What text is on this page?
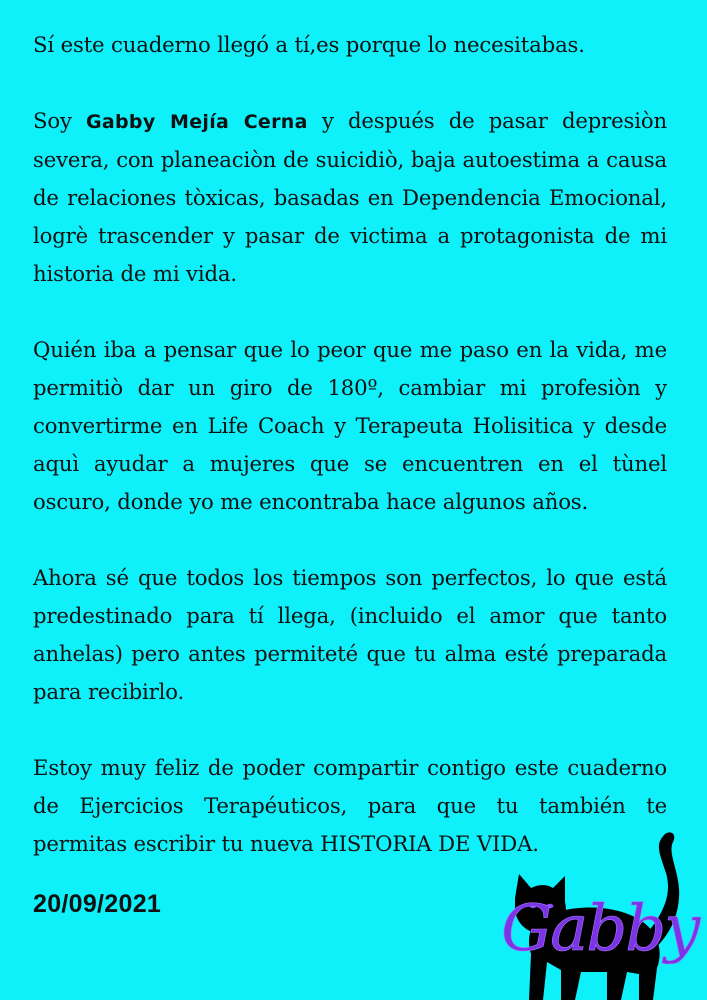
Sí este cuaderno llegó a tí,es porque lo necesitabas.

Soy Gabby Mejía Cerna y después de pasar depresiòn severa, con planeaciòn de suicidiò, baja autoestima a causa de relaciones tòxicas, basadas en Dependencia Emocional, logrè trascender y pasar de victima a protagonista de mi historia de mi vida.

Quién iba a pensar que lo peor que me paso en la vida, me permitiò dar un giro de 180º, cambiar mi profesiòn y convertirme en Life Coach y Terapeuta Holisitica y desde aquì ayudar a mujeres que se encuentren en el tùnel oscuro, donde yo me encontraba hace algunos años.

Ahora sé que todos los tiempos son perfectos, lo que está predestinado para tí llega, (incluido el amor que tanto anhelas) pero antes permiteté que tu alma esté preparada para recibirlo.

Estoy muy feliz de poder compartir contigo este cuaderno de Ejercicios Terapéuticos, para que tu también te permitas escribir tu nueva HISTORIA DE VIDA.

20/09/2021	Gabby
